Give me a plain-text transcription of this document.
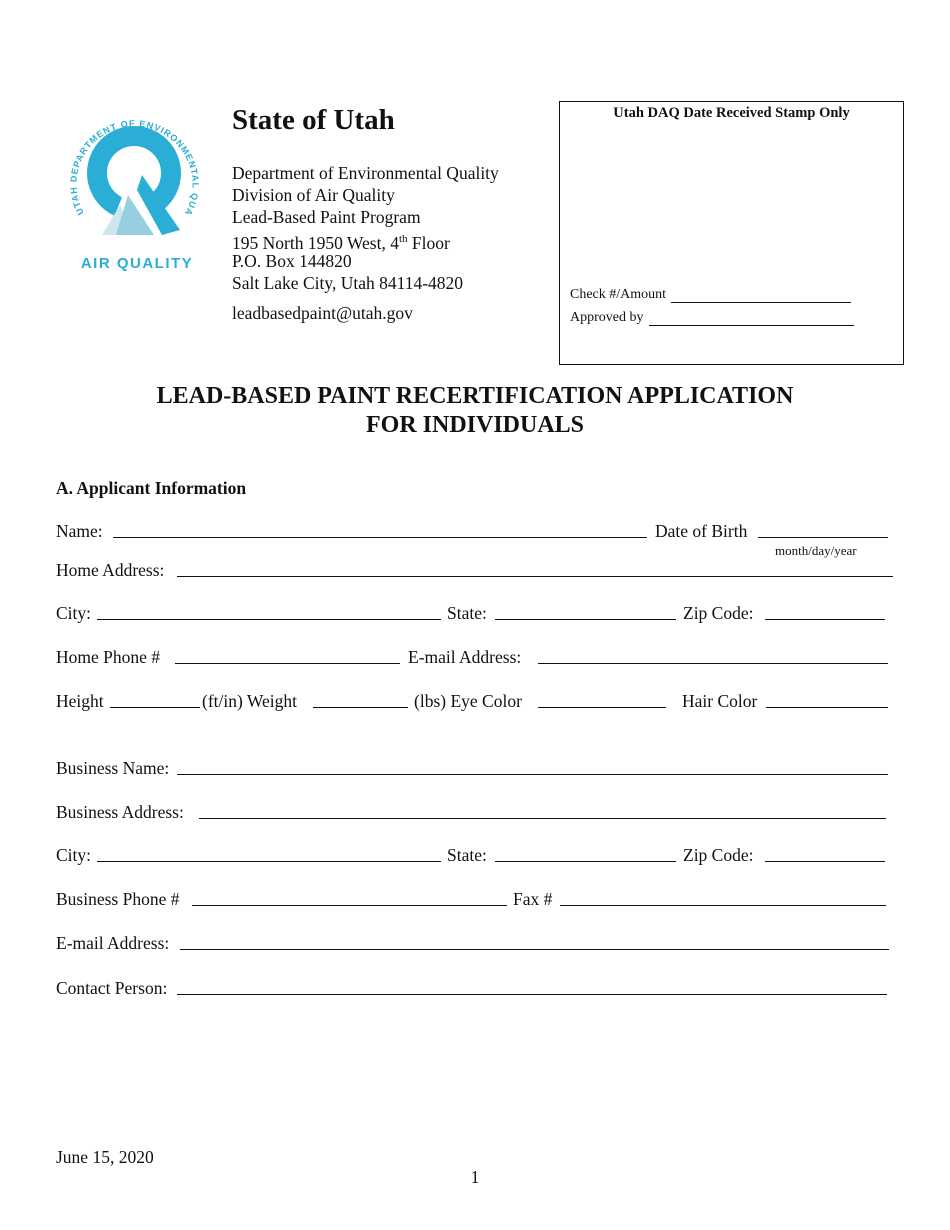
UTAH DEPARTMENT OF ENVIRONMENTAL QUA
AIR QUALITY
State of Utah
Department of Environmental Quality
Division of Air Quality
Lead-Based Paint Program
195 North 1950 West, 4th Floor
P.O. Box 144820
Salt Lake City, Utah 84114-4820
leadbasedpaint@utah.gov
Utah DAQ Date Received Stamp Only
Check #/Amount
Approved by
LEAD-BASED PAINT RECERTIFICATION APPLICATION
FOR INDIVIDUALS
A. Applicant Information
Name:	Date of Birth
month/day/year
Home Address:
City:	State:	Zip Code:
Home Phone #	E-mail Address:
Height	(ft/in) Weight	(lbs) Eye Color	Hair Color
Business Name:
Business Address:
City:	State:	Zip Code:
Business Phone #	Fax #
E-mail Address:
Contact Person:
June 15, 2020
1
